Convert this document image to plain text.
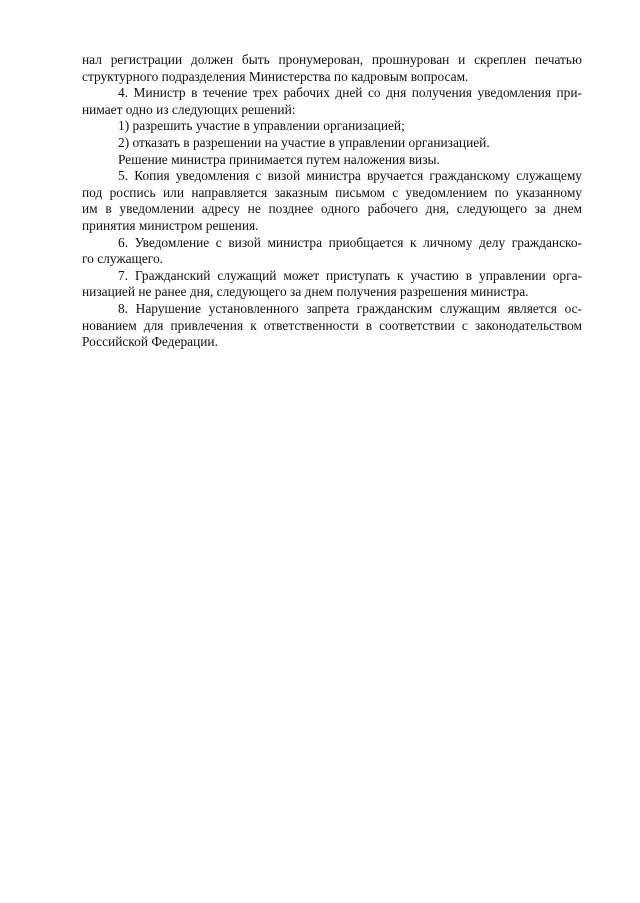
нал регистрации должен быть пронумерован, прошнурован и скреплен печатью
структурного подразделения Министерства по кадровым вопросам.
4. Министр в течение трех рабочих дней со дня получения уведомления при-
нимает одно из следующих решений:
1) разрешить участие в управлении организацией;
2) отказать в разрешении на участие в управлении организацией.
Решение министра принимается путем наложения визы.
5. Копия уведомления с визой министра вручается гражданскому служащему
под роспись или направляется заказным письмом с уведомлением по указанному
им в уведомлении адресу не позднее одного рабочего дня, следующего за днем
принятия министром решения.
6. Уведомление с визой министра приобщается к личному делу гражданско-
го служащего.
7. Гражданский служащий может приступать к участию в управлении орга-
низацией не ранее дня, следующего за днем получения разрешения министра.
8. Нарушение установленного запрета гражданским служащим является ос-
нованием для привлечения к ответственности в соответствии с законодательством
Российской Федерации.
